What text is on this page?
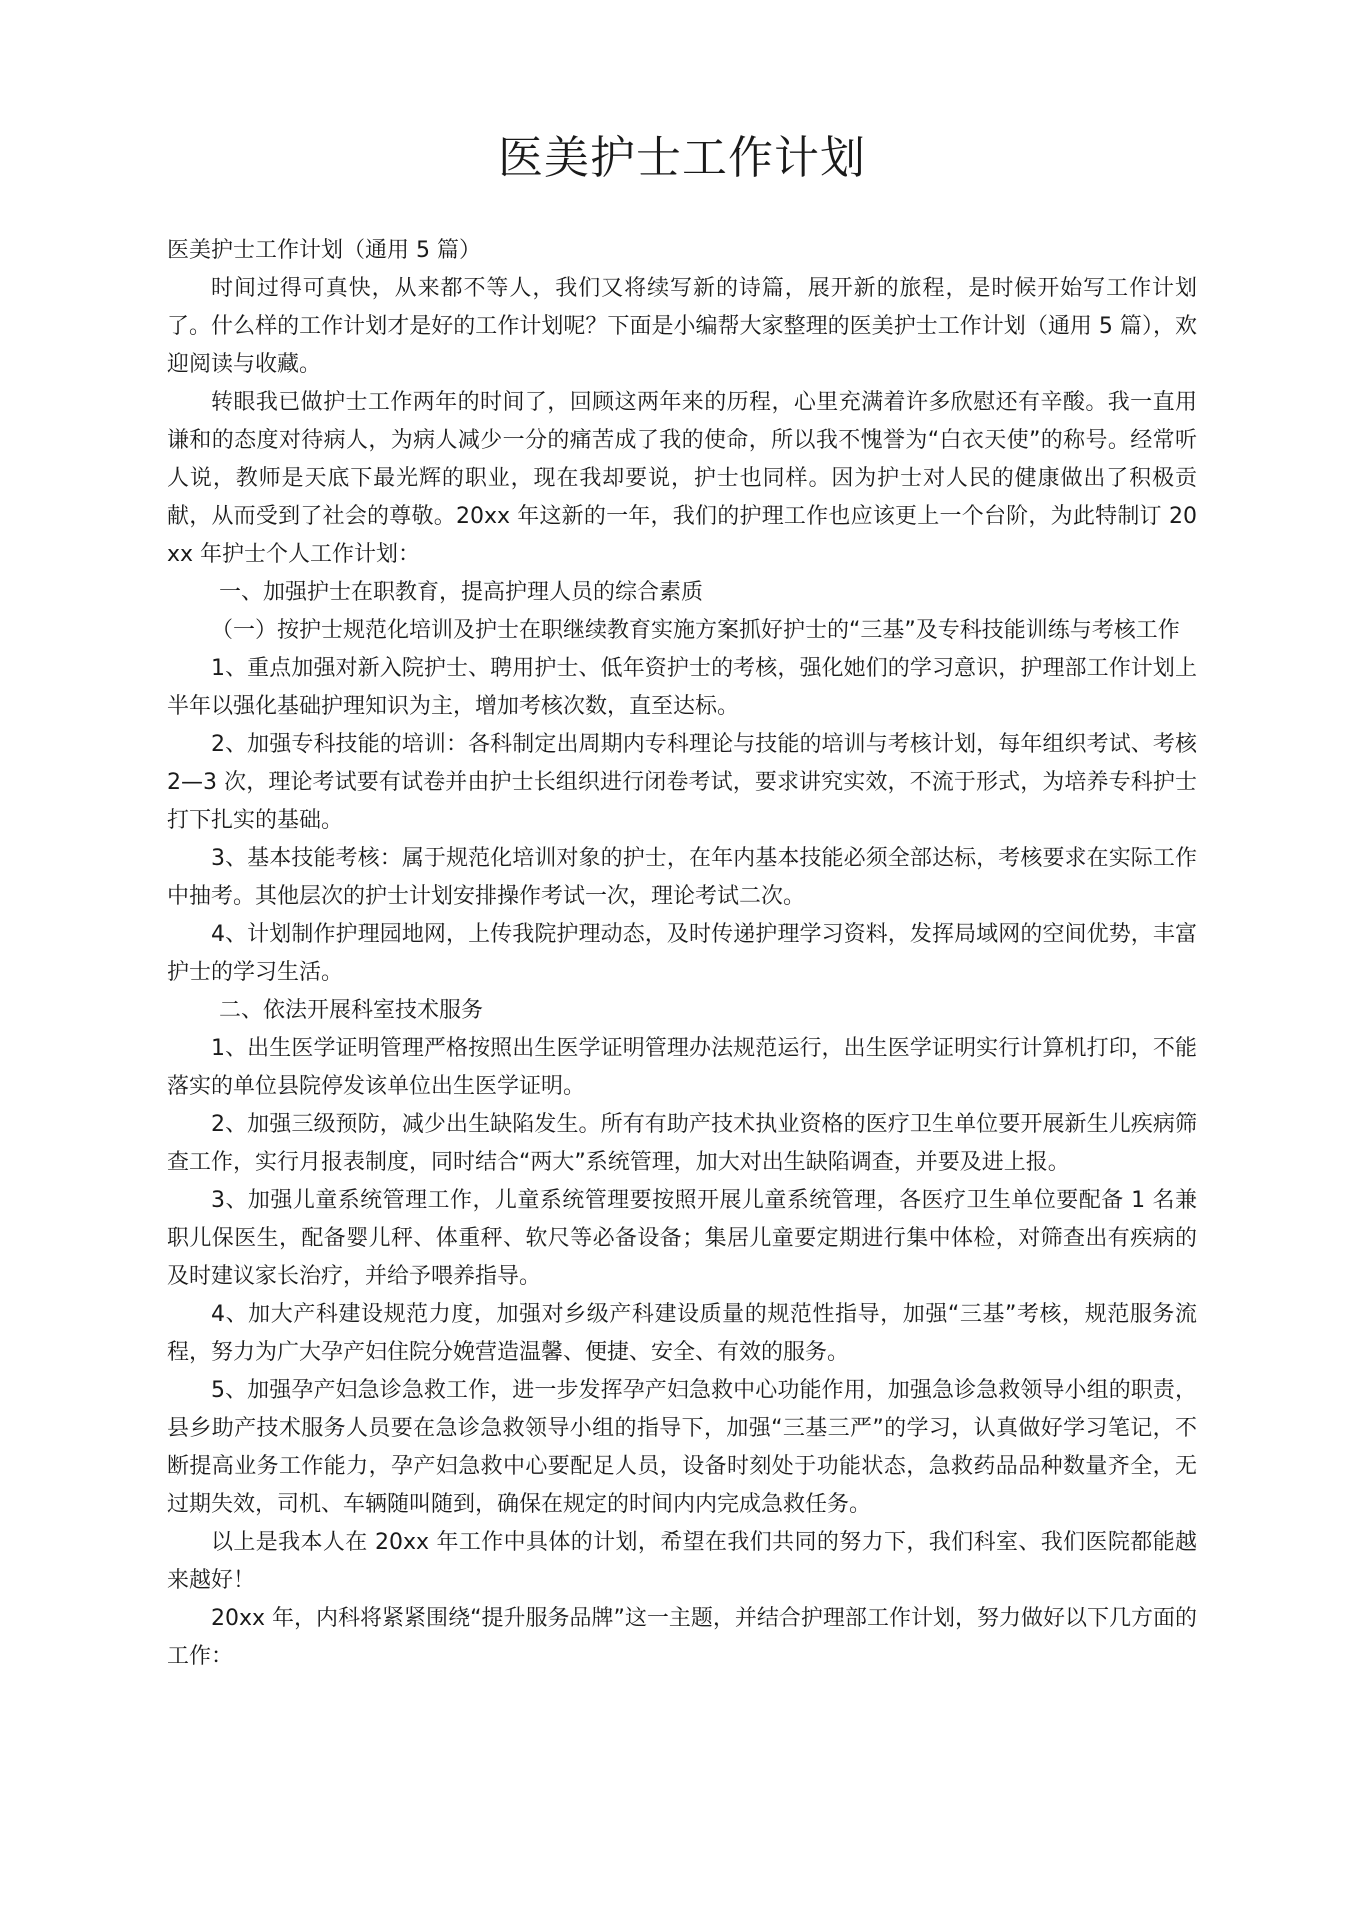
医美护士工作计划

医美护士工作计划（通用 5 篇）

时间过得可真快，从来都不等人，我们又将续写新的诗篇，展开新的旅程，是时候开始写工作计划了。什么样的工作计划才是好的工作计划呢？下面是小编帮大家整理的医美护士工作计划（通用 5 篇），欢迎阅读与收藏。

转眼我已做护士工作两年的时间了，回顾这两年来的历程，心里充满着许多欣慰还有辛酸。我一直用谦和的态度对待病人，为病人减少一分的痛苦成了我的使命，所以我不愧誉为“白衣天使”的称号。经常听人说，教师是天底下最光辉的职业，现在我却要说，护士也同样。因为护士对人民的健康做出了积极贡献，从而受到了社会的尊敬。20xx 年这新的一年，我们的护理工作也应该更上一个台阶，为此特制订 20xx 年护士个人工作计划：

一、加强护士在职教育，提高护理人员的综合素质

（一）按护士规范化培训及护士在职继续教育实施方案抓好护士的“三基”及专科技能训练与考核工作

1、重点加强对新入院护士、聘用护士、低年资护士的考核，强化她们的学习意识，护理部工作计划上半年以强化基础护理知识为主，增加考核次数，直至达标。

2、加强专科技能的培训：各科制定出周期内专科理论与技能的培训与考核计划，每年组织考试、考核 2—3 次，理论考试要有试卷并由护士长组织进行闭卷考试，要求讲究实效，不流于形式，为培养专科护士打下扎实的基础。

3、基本技能考核：属于规范化培训对象的护士，在年内基本技能必须全部达标，考核要求在实际工作中抽考。其他层次的护士计划安排操作考试一次，理论考试二次。

4、计划制作护理园地网，上传我院护理动态，及时传递护理学习资料，发挥局域网的空间优势，丰富护士的学习生活。

二、依法开展科室技术服务

1、出生医学证明管理严格按照出生医学证明管理办法规范运行，出生医学证明实行计算机打印，不能落实的单位县院停发该单位出生医学证明。

2、加强三级预防，减少出生缺陷发生。所有有助产技术执业资格的医疗卫生单位要开展新生儿疾病筛查工作，实行月报表制度，同时结合“两大”系统管理，加大对出生缺陷调查，并要及进上报。

3、加强儿童系统管理工作，儿童系统管理要按照开展儿童系统管理，各医疗卫生单位要配备 1 名兼职儿保医生，配备婴儿秤、体重秤、软尺等必备设备；集居儿童要定期进行集中体检，对筛查出有疾病的及时建议家长治疗，并给予喂养指导。

4、加大产科建设规范力度，加强对乡级产科建设质量的规范性指导，加强“三基”考核，规范服务流程，努力为广大孕产妇住院分娩营造温馨、便捷、安全、有效的服务。

5、加强孕产妇急诊急救工作，进一步发挥孕产妇急救中心功能作用，加强急诊急救领导小组的职责，县乡助产技术服务人员要在急诊急救领导小组的指导下，加强“三基三严”的学习，认真做好学习笔记，不断提高业务工作能力，孕产妇急救中心要配足人员，设备时刻处于功能状态，急救药品品种数量齐全，无过期失效，司机、车辆随叫随到，确保在规定的时间内内完成急救任务。

以上是我本人在 20xx 年工作中具体的计划，希望在我们共同的努力下，我们科室、我们医院都能越来越好！

20xx 年，内科将紧紧围绕“提升服务品牌”这一主题，并结合护理部工作计划，努力做好以下几方面的工作：
